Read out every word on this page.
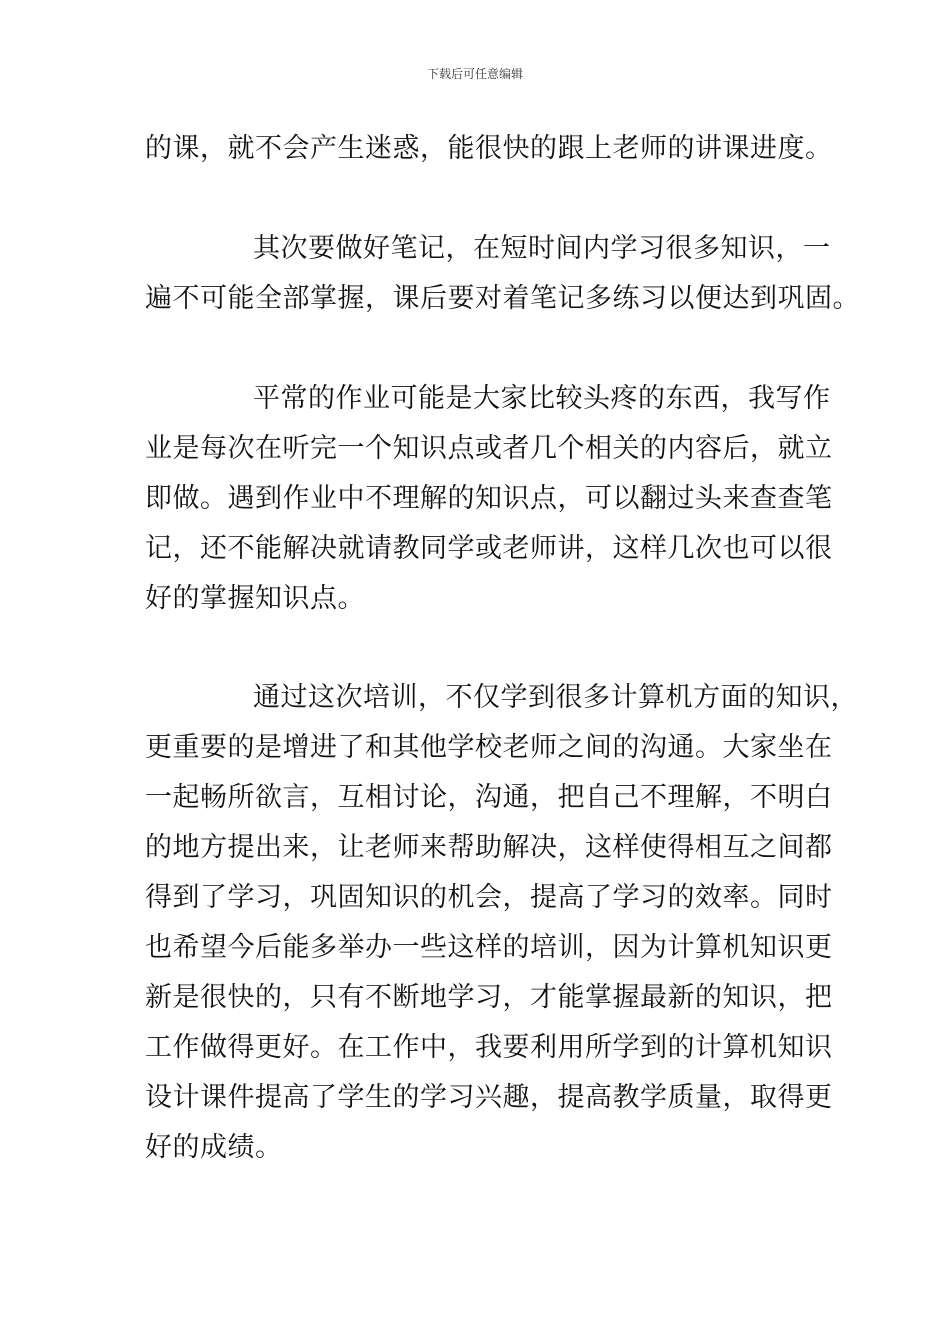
下载后可任意编辑
的课，就不会产生迷惑，能很快的跟上老师的讲课进度。
其次要做好笔记，在短时间内学习很多知识，一
遍不可能全部掌握，课后要对着笔记多练习以便达到巩固。
平常的作业可能是大家比较头疼的东西，我写作
业是每次在听完一个知识点或者几个相关的内容后，就立
即做。遇到作业中不理解的知识点，可以翻过头来查查笔
记，还不能解决就请教同学或老师讲，这样几次也可以很
好的掌握知识点。
通过这次培训，不仅学到很多计算机方面的知识，
更重要的是增进了和其他学校老师之间的沟通。大家坐在
一起畅所欲言，互相讨论，沟通，把自己不理解，不明白
的地方提出来，让老师来帮助解决，这样使得相互之间都
得到了学习，巩固知识的机会，提高了学习的效率。同时
也希望今后能多举办一些这样的培训，因为计算机知识更
新是很快的，只有不断地学习，才能掌握最新的知识，把
工作做得更好。在工作中，我要利用所学到的计算机知识
设计课件提高了学生的学习兴趣，提高教学质量，取得更
好的成绩。
